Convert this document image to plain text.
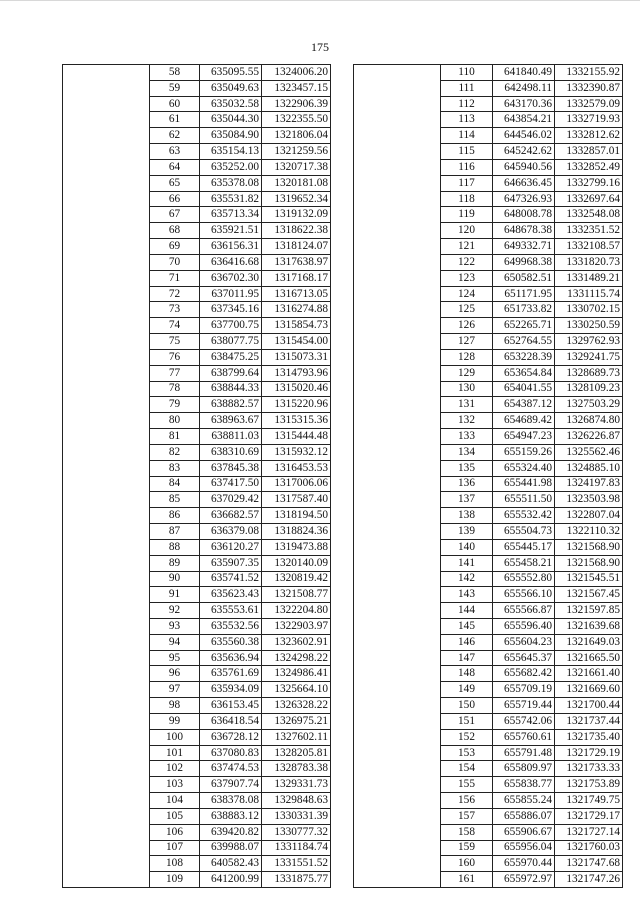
175
	58	635095.55	1324006.20
	59	635049.63	1323457.15
	60	635032.58	1322906.39
	61	635044.30	1322355.50
	62	635084.90	1321806.04
	63	635154.13	1321259.56
	64	635252.00	1320717.38
	65	635378.08	1320181.08
	66	635531.82	1319652.34
	67	635713.34	1319132.09
	68	635921.51	1318622.38
	69	636156.31	1318124.07
	70	636416.68	1317638.97
	71	636702.30	1317168.17
	72	637011.95	1316713.05
	73	637345.16	1316274.88
	74	637700.75	1315854.73
	75	638077.75	1315454.00
	76	638475.25	1315073.31
	77	638799.64	1314793.96
	78	638844.33	1315020.46
	79	638882.57	1315220.96
	80	638963.67	1315315.36
	81	638811.03	1315444.48
	82	638310.69	1315932.12
	83	637845.38	1316453.53
	84	637417.50	1317006.06
	85	637029.42	1317587.40
	86	636682.57	1318194.50
	87	636379.08	1318824.36
	88	636120.27	1319473.88
	89	635907.35	1320140.09
	90	635741.52	1320819.42
	91	635623.43	1321508.77
	92	635553.61	1322204.80
	93	635532.56	1322903.97
	94	635560.38	1323602.91
	95	635636.94	1324298.22
	96	635761.69	1324986.41
	97	635934.09	1325664.10
	98	636153.45	1326328.22
	99	636418.54	1326975.21
	100	636728.12	1327602.11
	101	637080.83	1328205.81
	102	637474.53	1328783.38
	103	637907.74	1329331.73
	104	638378.08	1329848.63
	105	638883.12	1330331.39
	106	639420.82	1330777.32
	107	639988.07	1331184.74
	108	640582.43	1331551.52
	109	641200.99	1331875.77
	110	641840.49	1332155.92
	111	642498.11	1332390.87
	112	643170.36	1332579.09
	113	643854.21	1332719.93
	114	644546.02	1332812.62
	115	645242.62	1332857.01
	116	645940.56	1332852.49
	117	646636.45	1332799.16
	118	647326.93	1332697.64
	119	648008.78	1332548.08
	120	648678.38	1332351.52
	121	649332.71	1332108.57
	122	649968.38	1331820.73
	123	650582.51	1331489.21
	124	651171.95	1331115.74
	125	651733.82	1330702.15
	126	652265.71	1330250.59
	127	652764.55	1329762.93
	128	653228.39	1329241.75
	129	653654.84	1328689.73
	130	654041.55	1328109.23
	131	654387.12	1327503.29
	132	654689.42	1326874.80
	133	654947.23	1326226.87
	134	655159.26	1325562.46
	135	655324.40	1324885.10
	136	655441.98	1324197.83
	137	655511.50	1323503.98
	138	655532.42	1322807.04
	139	655504.73	1322110.32
	140	655445.17	1321568.90
	141	655458.21	1321568.90
	142	655552.80	1321545.51
	143	655566.10	1321567.45
	144	655566.87	1321597.85
	145	655596.40	1321639.68
	146	655604.23	1321649.03
	147	655645.37	1321665.50
	148	655682.42	1321661.40
	149	655709.19	1321669.60
	150	655719.44	1321700.44
	151	655742.06	1321737.44
	152	655760.61	1321735.40
	153	655791.48	1321729.19
	154	655809.97	1321733.33
	155	655838.77	1321753.89
	156	655855.24	1321749.75
	157	655886.07	1321729.17
	158	655906.67	1321727.14
	159	655956.04	1321760.03
	160	655970.44	1321747.68
	161	655972.97	1321747.26
